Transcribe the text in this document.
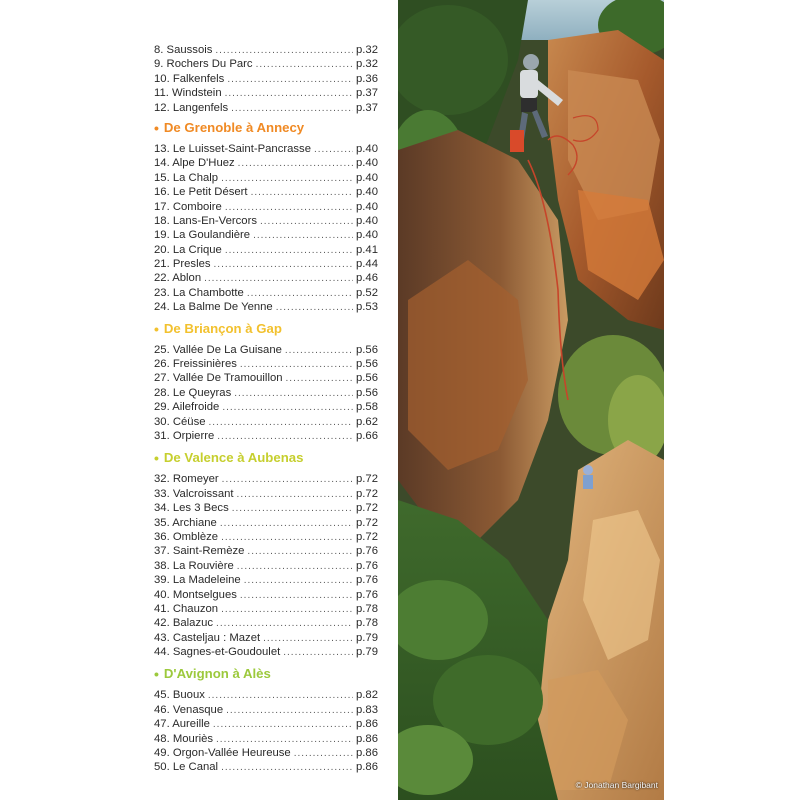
8. Saussois .....	p.32
9. Rochers Du Parc .....	p.32
10. Falkenfels .....	p.36
11. Windstein .....	p.37
12. Langenfels .....	p.37
• De Grenoble à Annecy
13. Le Luisset-Saint-Pancrasse .....	p.40
14. Alpe D'Huez .....	p.40
15. La Chalp .....	p.40
16. Le Petit Désert .....	p.40
17. Comboire .....	p.40
18. Lans-En-Vercors .....	p.40
19. La Goulandière .....	p.40
20. La Crique .....	p.41
21. Presles .....	p.44
22. Ablon .....	p.46
23. La Chambotte .....	p.52
24. La Balme De Yenne .....	p.53
• De Briançon à Gap
25. Vallée De La Guisane .....	p.56
26. Freissinières .....	p.56
27. Vallée De Tramouillon .....	p.56
28. Le Queyras .....	p.56
29. Ailefroide .....	p.58
30. Céüse .....	p.62
31. Orpierre .....	p.66
• De Valence à Aubenas
32. Romeyer .....	p.72
33. Valcroissant .....	p.72
34. Les 3 Becs .....	p.72
35. Archiane .....	p.72
36. Omblèze .....	p.72
37. Saint-Remèze .....	p.76
38. La Rouvière .....	p.76
39. La Madeleine .....	p.76
40. Montselgues .....	p.76
41. Chauzon .....	p.78
42. Balazuc .....	p.78
43. Casteljau : Mazet .....	p.79
44. Sagnes-et-Goudoulet .....	p.79
• D'Avignon à Alès
45. Buoux .....	p.82
46. Venasque .....	p.83
47. Aureille .....	p.86
48. Mouriès .....	p.86
49. Orgon-Vallée Heureuse .....	p.86
50. Le Canal .....	p.86
© Jonathan Bargibant
